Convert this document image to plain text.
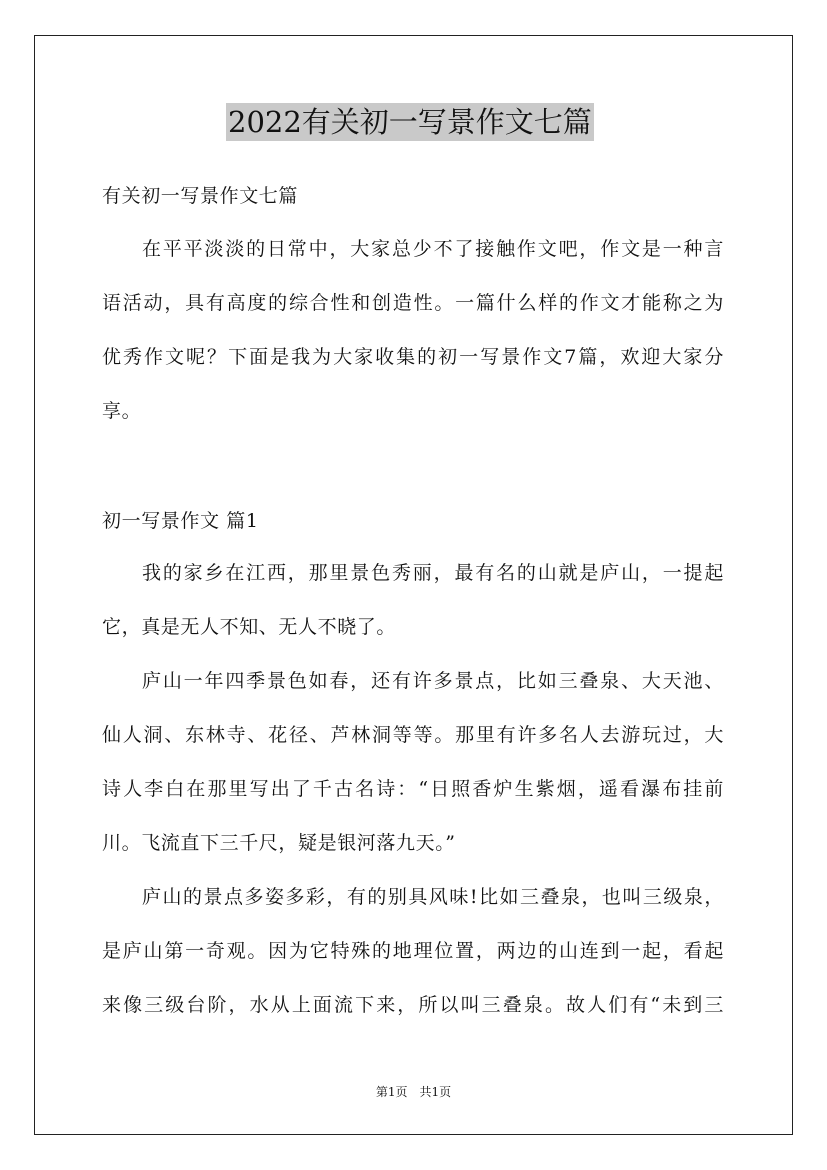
2022有关初一写景作文七篇
有关初一写景作文七篇
在平平淡淡的日常中，大家总少不了接触作文吧，作文是一种言
语活动，具有高度的综合性和创造性。一篇什么样的作文才能称之为
优秀作文呢？下面是我为大家收集的初一写景作文7篇，欢迎大家分
享。
初一写景作文 篇1
我的家乡在江西，那里景色秀丽，最有名的山就是庐山，一提起
它，真是无人不知、无人不晓了。
庐山一年四季景色如春，还有许多景点，比如三叠泉、大天池、
仙人洞、东林寺、花径、芦林洞等等。那里有许多名人去游玩过，大
诗人李白在那里写出了千古名诗：“日照香炉生紫烟，遥看瀑布挂前
川。飞流直下三千尺，疑是银河落九天。”
庐山的景点多姿多彩，有的别具风味!比如三叠泉，也叫三级泉，
是庐山第一奇观。因为它特殊的地理位置，两边的山连到一起，看起
来像三级台阶，水从上面流下来，所以叫三叠泉。故人们有“未到三
第1页　共1页
